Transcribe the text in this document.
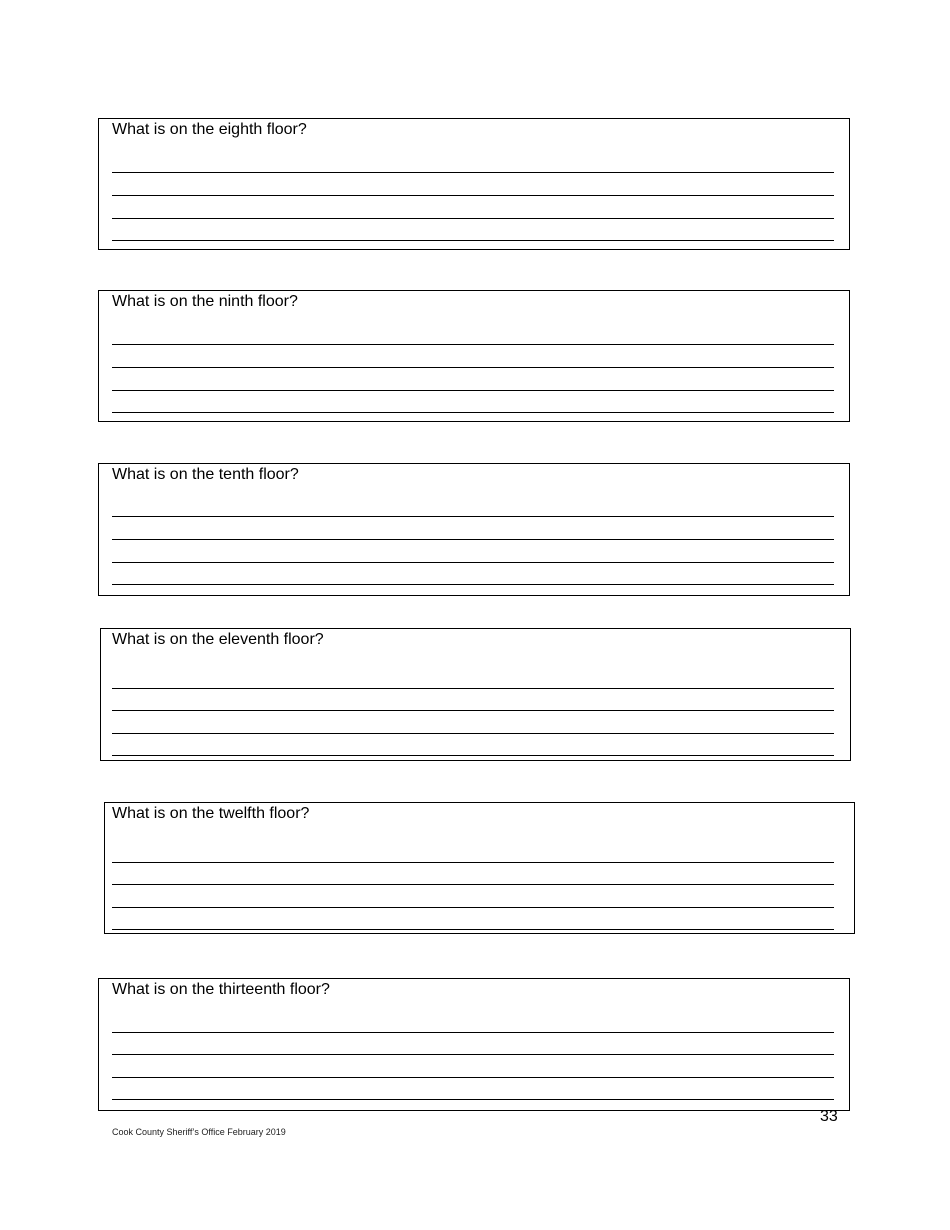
What is on the eighth floor?
What is on the ninth floor?
What is on the tenth floor?
What is on the eleventh floor?
What is on the twelfth floor?
What is on the thirteenth floor?
33
Cook County Sheriff’s Office February 2019
